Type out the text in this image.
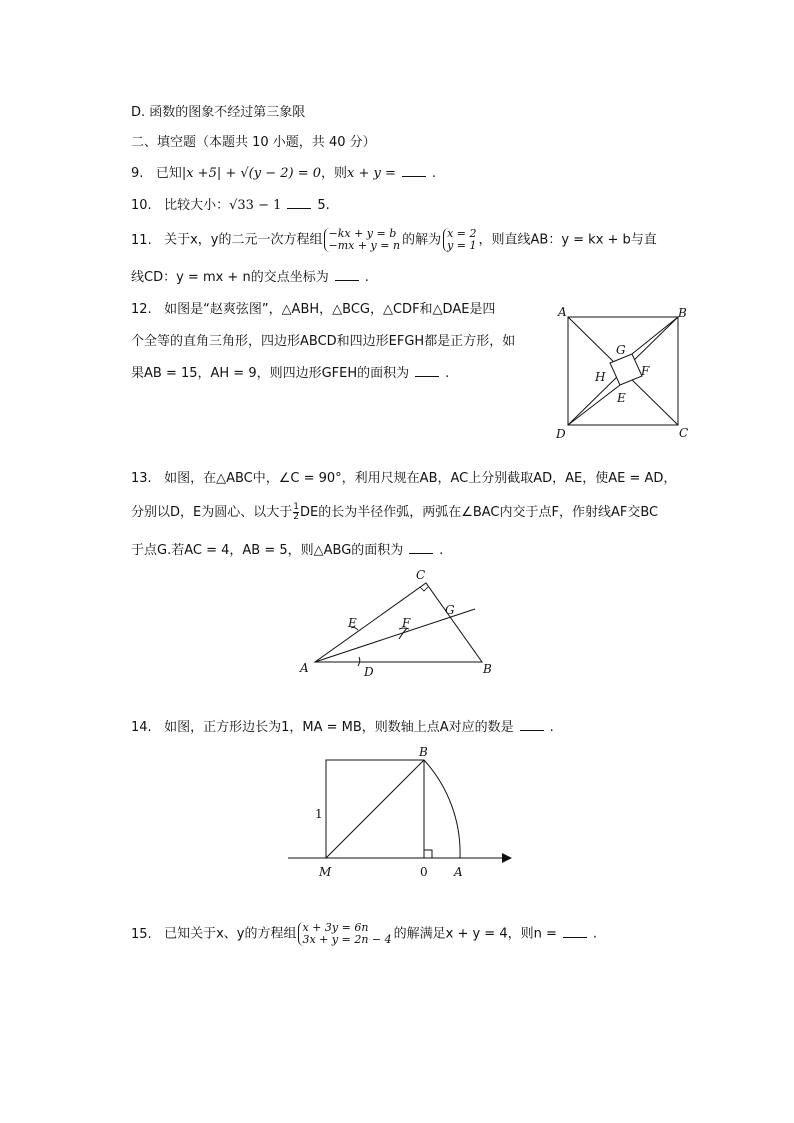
D. 函数的图象不经过第三象限
二、填空题（本题共 10 小题，共 40 分）
9. 已知|x +5| + √(y − 2) = 0，则x + y =	.
10. 比较大小：√33 − 1	5.
11. 关于x，y的二元一次方程组 −kx + y = b
−mx + y = n 的解为 x = 2
y = 1 ，则直线AB：y = kx + b与直
线CD：y = mx + n的交点坐标为	.
12. 如图是“赵爽弦图”，△ABH，△BCG，△CDF和△DAE是四
个全等的直角三角形，四边形ABCD和四边形EFGH都是正方形，如
果AB = 15，AH = 9，则四边形GFEH的面积为	.
A	B
C
D
G
H	F
E
13. 如图，在△ABC中，∠C = 90°，利用尺规在AB，AC上分别截取AD，AE，使AE = AD，
分别以D，E为圆心、以大于 $\frac{1}{2}$ DE的长为半径作弧，两弧在∠BAC内交于点F，作射线AF交BC
于点G.若AC = 4，AB = 5，则△ABG的面积为	.
A	B
C
D
E	F
G
14. 如图，正方形边长为1，MA = MB，则数轴上点A对应的数是	.
B
M	0 A
1
15. 已知关于x、y的方程组 x + 3y = 6n
3x + y = 2n − 4 的解满足x + y = 4，则n =	.
